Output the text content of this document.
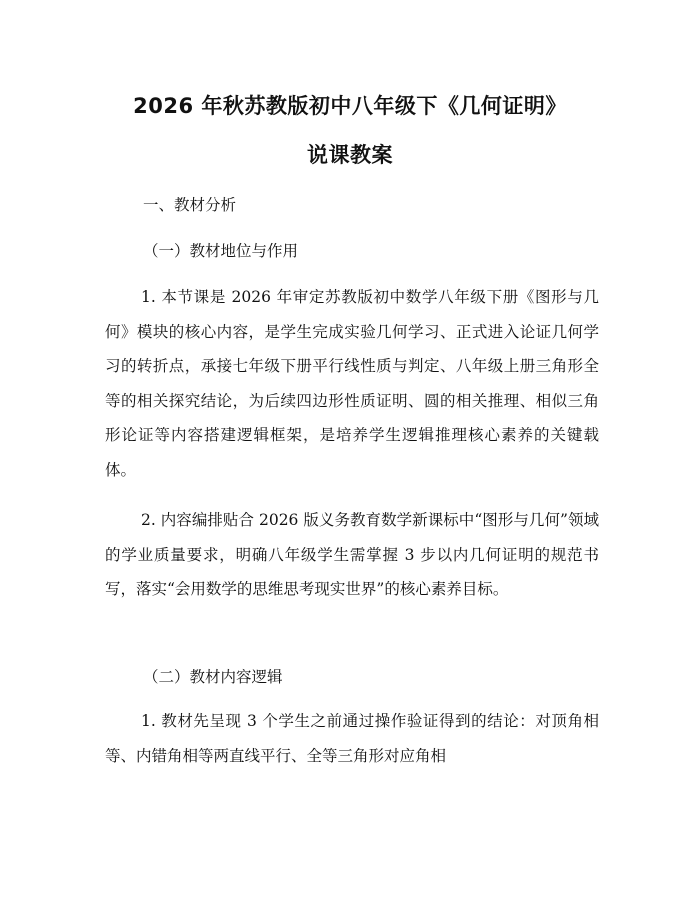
2026 年秋苏教版初中八年级下《几何证明》
说课教案
一、教材分析
（一）教材地位与作用
1. 本节课是 2026 年审定苏教版初中数学八年级下册《图形与几何》模块的核心内容，是学生完成实验几何学习、正式进入论证几何学习的转折点，承接七年级下册平行线性质与判定、八年级上册三角形全等的相关探究结论，为后续四边形性质证明、圆的相关推理、相似三角形论证等内容搭建逻辑框架，是培养学生逻辑推理核心素养的关键载体。
2. 内容编排贴合 2026 版义务教育数学新课标中“图形与几何”领域的学业质量要求，明确八年级学生需掌握 3 步以内几何证明的规范书写，落实“会用数学的思维思考现实世界”的核心素养目标。
（二）教材内容逻辑
1. 教材先呈现 3 个学生之前通过操作验证得到的结论：对顶角相等、内错角相等两直线平行、全等三角形对应角相
